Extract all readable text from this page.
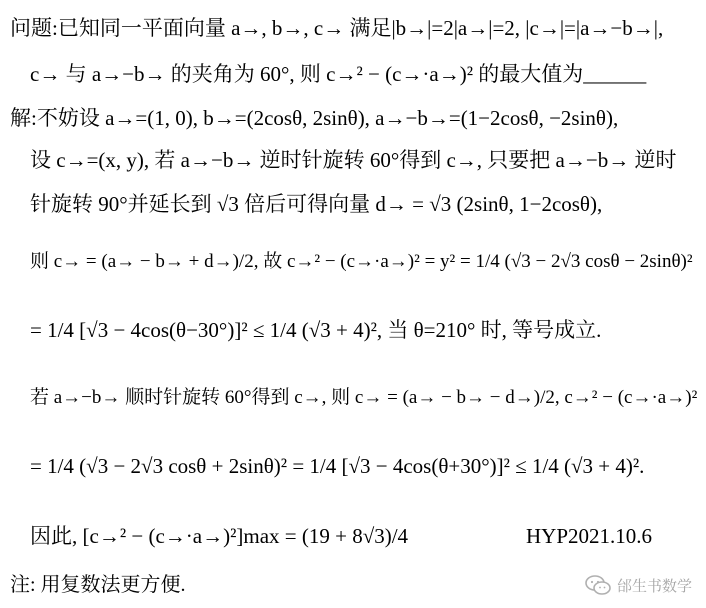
问题:已知同一平面向量 a→, b→, c→ 满足|b→|=2|a→|=2, |c→|=|a→−b→|,
c→ 与 a→−b→ 的夹角为 60°, 则 c→² − (c→·a→)² 的最大值为______
解:不妨设 a→=(1, 0), b→=(2cosθ, 2sinθ), a→−b→=(1−2cosθ, −2sinθ),
设 c→=(x, y), 若 a→−b→ 逆时针旋转 60°得到 c→, 只要把 a→−b→ 逆时
针旋转 90°并延长到 √3 倍后可得向量 d→ = √3 (2sinθ, 1−2cosθ),
则 c→ = (a→ − b→ + d→)/2, 故 c→² − (c→·a→)² = y² = 1/4 (√3 − 2√3 cosθ − 2sinθ)²
= 1/4 [√3 − 4cos(θ−30°)]² ≤ 1/4 (√3 + 4)², 当 θ=210° 时, 等号成立.
若 a→−b→ 顺时针旋转 60°得到 c→, 则 c→ = (a→ − b→ − d→)/2, c→² − (c→·a→)²
= 1/4 (√3 − 2√3 cosθ + 2sinθ)² = 1/4 [√3 − 4cos(θ+30°)]² ≤ 1/4 (√3 + 4)².
因此, [c→² − (c→·a→)²]max = (19 + 8√3)/4	HYP2021.10.6
注: 用复数法更方便.	邰生书数学
